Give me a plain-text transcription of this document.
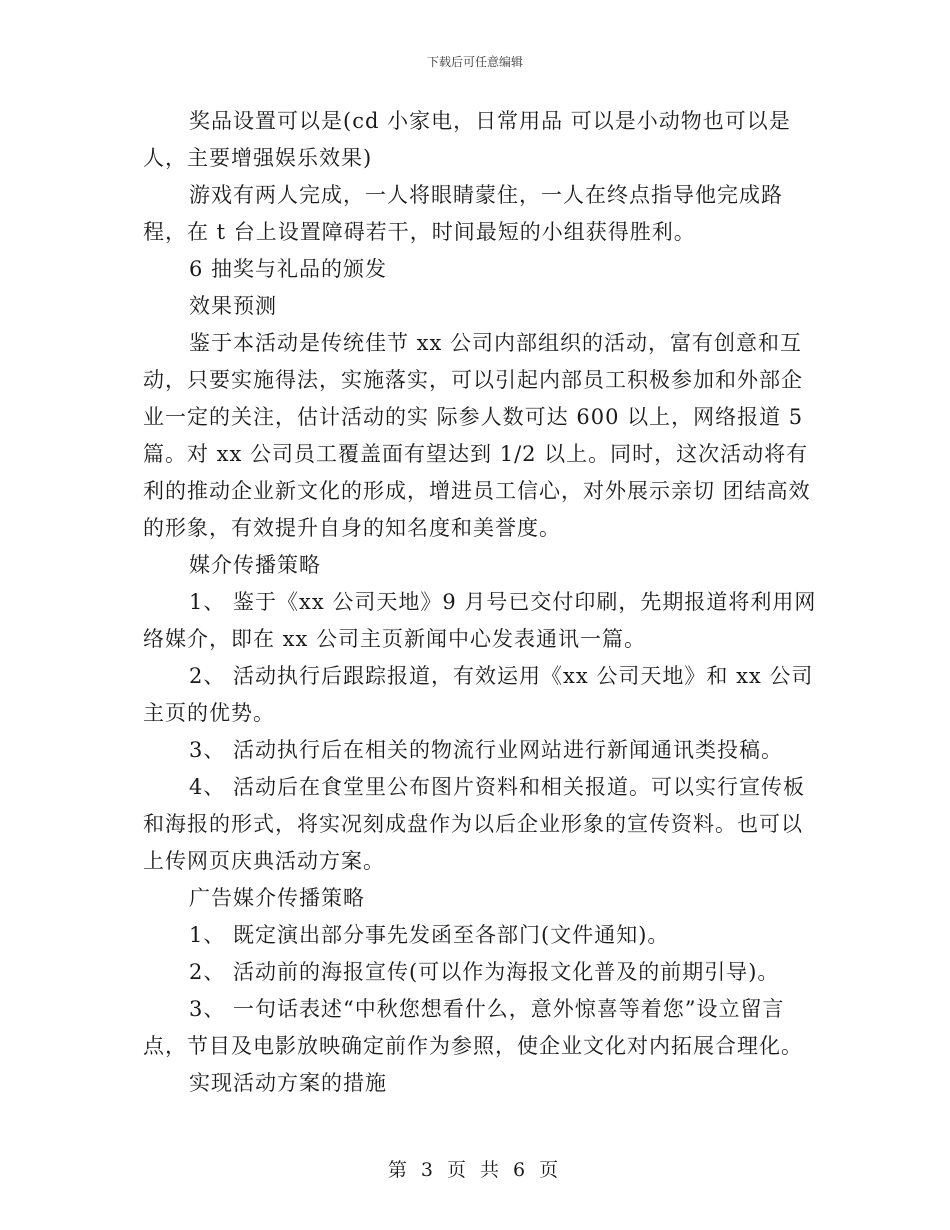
下载后可任意编辑

奖品设置可以是(cd 小家电，日常用品 可以是小动物也可以是人，主要增强娱乐效果)

游戏有两人完成，一人将眼睛蒙住，一人在终点指导他完成路程，在 t 台上设置障碍若干，时间最短的小组获得胜利。

6 抽奖与礼品的颁发

效果预测

鉴于本活动是传统佳节 xx 公司内部组织的活动，富有创意和互动，只要实施得法，实施落实，可以引起内部员工积极参加和外部企业一定的关注，估计活动的实 际参人数可达 600 以上，网络报道 5 篇。对 xx 公司员工覆盖面有望达到 1/2 以上。同时，这次活动将有利的推动企业新文化的形成，增进员工信心，对外展示亲切 团结高效的形象，有效提升自身的知名度和美誉度。

媒介传播策略

1、 鉴于《xx 公司天地》9 月号已交付印刷，先期报道将利用网络媒介，即在 xx 公司主页新闻中心发表通讯一篇。

2、 活动执行后跟踪报道，有效运用《xx 公司天地》和 xx 公司主页的优势。

3、 活动执行后在相关的物流行业网站进行新闻通讯类投稿。

4、 活动后在食堂里公布图片资料和相关报道。可以实行宣传板和海报的形式，将实况刻成盘作为以后企业形象的宣传资料。也可以上传网页庆典活动方案。

广告媒介传播策略

1、 既定演出部分事先发函至各部门(文件通知)。

2、 活动前的海报宣传(可以作为海报文化普及的前期引导)。

3、 一句话表述“中秋您想看什么，意外惊喜等着您”设立留言点，节目及电影放映确定前作为参照，使企业文化对内拓展合理化。

实现活动方案的措施

第 3 页 共 6 页
